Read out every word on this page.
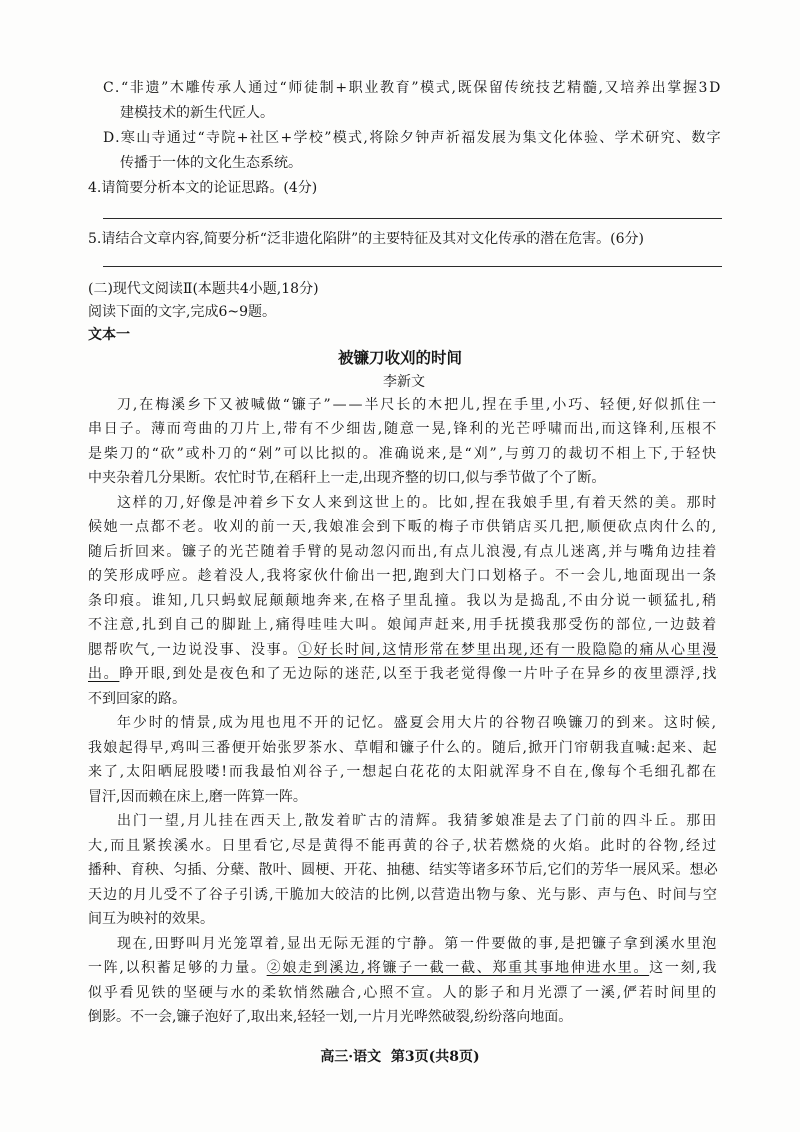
C.“非遗”木雕传承人通过“师徒制+职业教育”模式,既保留传统技艺精髓,又培养出掌握3D
建模技术的新生代匠人。
D.寒山寺通过“寺院+社区+学校”模式,将除夕钟声祈福发展为集文化体验、学术研究、数字
传播于一体的文化生态系统。
4.请简要分析本文的论证思路。(4分)
5.请结合文章内容,简要分析“泛非遗化陷阱”的主要特征及其对文化传承的潜在危害。(6分)
(二)现代文阅读Ⅱ(本题共4小题,18分)
阅读下面的文字,完成6~9题。
文本一
被镰刀收刈的时间
李新文
刀,在梅溪乡下又被喊做“镰子”——半尺长的木把儿,捏在手里,小巧、轻便,好似抓住一
串日子。薄而弯曲的刀片上,带有不少细齿,随意一晃,锋利的光芒呼啸而出,而这锋利,压根不
是柴刀的“砍”或朴刀的“剁”可以比拟的。准确说来,是“刈”,与剪刀的裁切不相上下,于轻快
中夹杂着几分果断。农忙时节,在稻秆上一走,出现齐整的切口,似与季节做了个了断。
这样的刀,好像是冲着乡下女人来到这世上的。比如,捏在我娘手里,有着天然的美。那时
候她一点都不老。收刈的前一天,我娘准会到下畈的梅子市供销店买几把,顺便砍点肉什么的,
随后折回来。镰子的光芒随着手臂的晃动忽闪而出,有点儿浪漫,有点儿迷离,并与嘴角边挂着
的笑形成呼应。趁着没人,我将家伙什偷出一把,跑到大门口划格子。不一会儿,地面现出一条
条印痕。谁知,几只蚂蚁屁颠颠地奔来,在格子里乱撞。我以为是捣乱,不由分说一顿猛扎,稍
不注意,扎到自己的脚趾上,痛得哇哇大叫。娘闻声赶来,用手抚摸我那受伤的部位,一边鼓着
腮帮吹气,一边说没事、没事。①好长时间,这情形常在梦里出现,还有一股隐隐的痛从心里漫
出。睁开眼,到处是夜色和了无边际的迷茫,以至于我老觉得像一片叶子在异乡的夜里漂浮,找
不到回家的路。
年少时的情景,成为甩也甩不开的记忆。盛夏会用大片的谷物召唤镰刀的到来。这时候,
我娘起得早,鸡叫三番便开始张罗茶水、草帽和镰子什么的。随后,掀开门帘朝我直喊:起来、起
来了,太阳晒屁股喽!而我最怕刈谷子,一想起白花花的太阳就浑身不自在,像每个毛细孔都在
冒汗,因而赖在床上,磨一阵算一阵。
出门一望,月儿挂在西天上,散发着旷古的清辉。我猜爹娘准是去了门前的四斗丘。那田
大,而且紧挨溪水。日里看它,尽是黄得不能再黄的谷子,状若燃烧的火焰。此时的谷物,经过
播种、育秧、匀插、分蘖、散叶、圆梗、开花、抽穗、结实等诸多环节后,它们的芳华一展风采。想必
天边的月儿受不了谷子引诱,干脆加大皎洁的比例,以营造出物与象、光与影、声与色、时间与空
间互为映衬的效果。
现在,田野叫月光笼罩着,显出无际无涯的宁静。第一件要做的事,是把镰子拿到溪水里泡
一阵,以积蓄足够的力量。②娘走到溪边,将镰子一截一截、郑重其事地伸进水里。这一刻,我
似乎看见铁的坚硬与水的柔软悄然融合,心照不宣。人的影子和月光漂了一溪,俨若时间里的
倒影。不一会,镰子泡好了,取出来,轻轻一划,一片月光哗然破裂,纷纷落向地面。
高三·语文  第3页(共8页)
